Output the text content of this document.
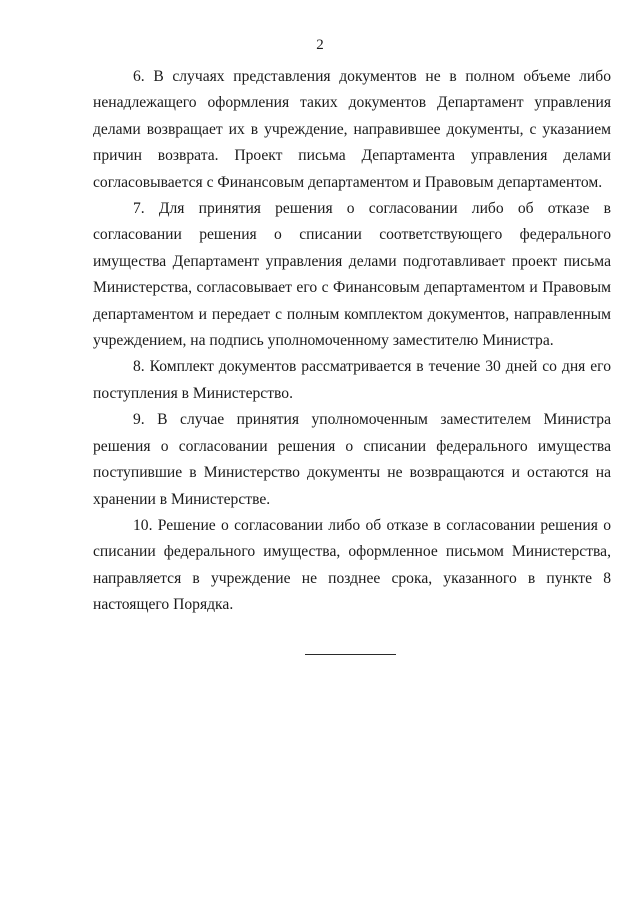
2

6. В случаях представления документов не в полном объеме либо ненадлежащего оформления таких документов Департамент управления делами возвращает их в учреждение, направившее документы, с указанием причин возврата. Проект письма Департамента управления делами согласовывается с Финансовым департаментом и Правовым департаментом.

7. Для принятия решения о согласовании либо об отказе в согласовании решения о списании соответствующего федерального имущества Департамент управления делами подготавливает проект письма Министерства, согласовывает его с Финансовым департаментом и Правовым департаментом и передает с полным комплектом документов, направленным учреждением, на подпись уполномоченному заместителю Министра.

8. Комплект документов рассматривается в течение 30 дней со дня его поступления в Министерство.

9. В случае принятия уполномоченным заместителем Министра решения о согласовании решения о списании федерального имущества поступившие в Министерство документы не возвращаются и остаются на хранении в Министерстве.

10. Решение о согласовании либо об отказе в согласовании решения о списании федерального имущества, оформленное письмом Министерства, направляется в учреждение не позднее срока, указанного в пункте 8 настоящего Порядка.
